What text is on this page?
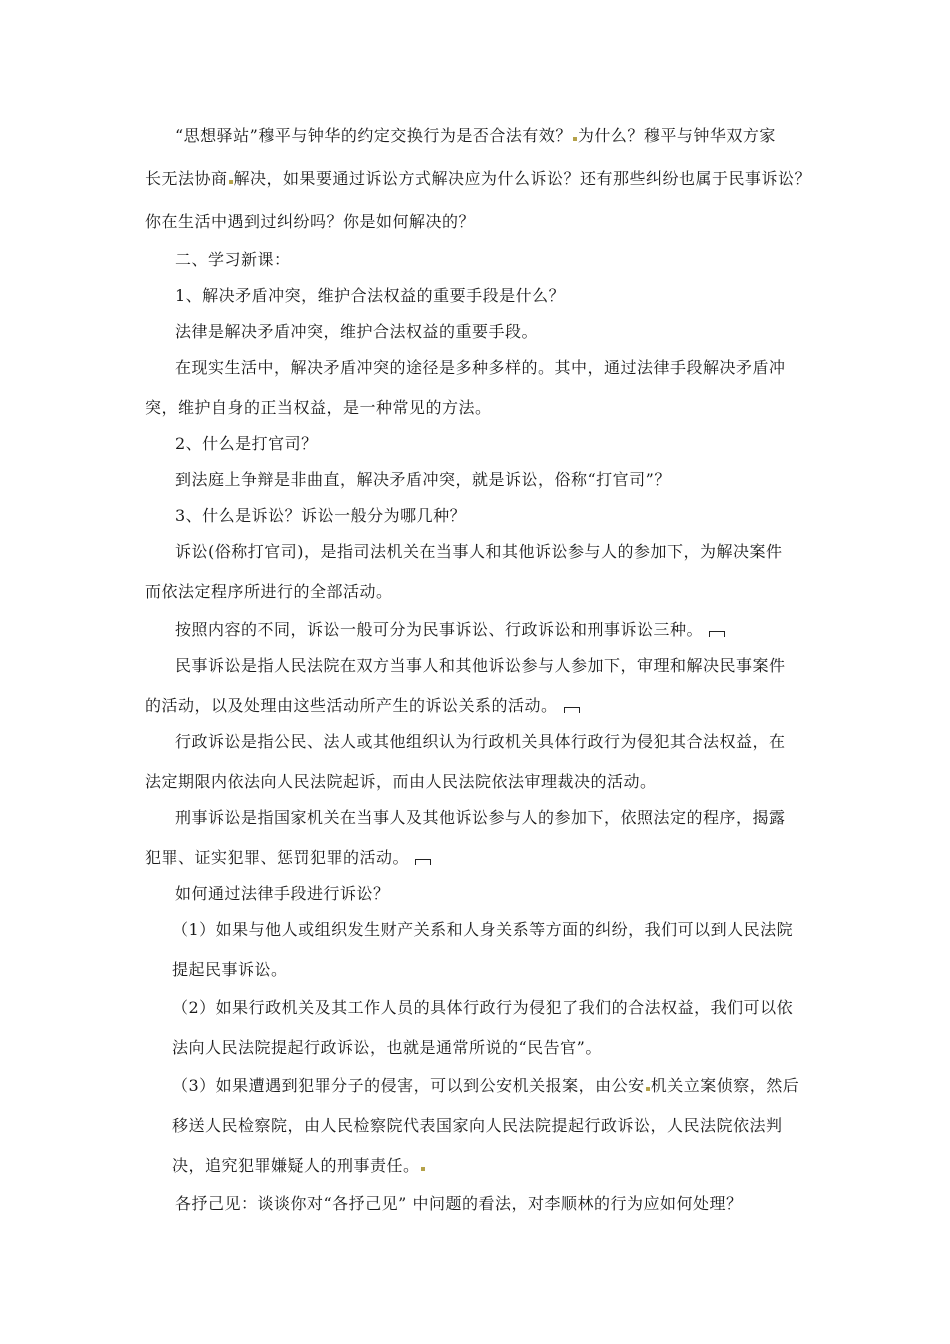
“思想驿站”穆平与钟华的约定交换行为是否合法有效？ 为什么？穆平与钟华双方家
长无法协商 解决，如果要通过诉讼方式解决应为什么诉讼？还有那些纠纷也属于民事诉讼？
你在生活中遇到过纠纷吗？你是如何解决的？
二、学习新课：
1、解决矛盾冲突，维护合法权益的重要手段是什么？
法律是解决矛盾冲突，维护合法权益的重要手段。
在现实生活中，解决矛盾冲突的途径是多种多样的。其中，通过法律手段解决矛盾冲
突，维护自身的正当权益，是一种常见的方法。
2、什么是打官司？
到法庭上争辩是非曲直，解决矛盾冲突，就是诉讼，俗称“打官司”？
3、什么是诉讼？诉讼一般分为哪几种？
诉讼(俗称打官司)，是指司法机关在当事人和其他诉讼参与人的参加下，为解决案件
而依法定程序所进行的全部活动。
按照内容的不同，诉讼一般可分为民事诉讼、行政诉讼和刑事诉讼三种。
民事诉讼是指人民法院在双方当事人和其他诉讼参与人参加下，审理和解决民事案件
的活动，以及处理由这些活动所产生的诉讼关系的活动。
行政诉讼是指公民、法人或其他组织认为行政机关具体行政行为侵犯其合法权益，在
法定期限内依法向人民法院起诉，而由人民法院依法审理裁决的活动。
刑事诉讼是指国家机关在当事人及其他诉讼参与人的参加下，依照法定的程序，揭露
犯罪、证实犯罪、惩罚犯罪的活动。
如何通过法律手段进行诉讼？
（1）如果与他人或组织发生财产关系和人身关系等方面的纠纷，我们可以到人民法院
提起民事诉讼。
（2）如果行政机关及其工作人员的具体行政行为侵犯了我们的合法权益，我们可以依
法向人民法院提起行政诉讼，也就是通常所说的“民告官”。
（3）如果遭遇到犯罪分子的侵害，可以到公安机关报案，由公安 机关立案侦察，然后
移送人民检察院，由人民检察院代表国家向人民法院提起行政诉讼，人民法院依法判
决，追究犯罪嫌疑人的刑事责任。
各抒己见：谈谈你对“各抒己见” 中问题的看法，对李顺林的行为应如何处理？
